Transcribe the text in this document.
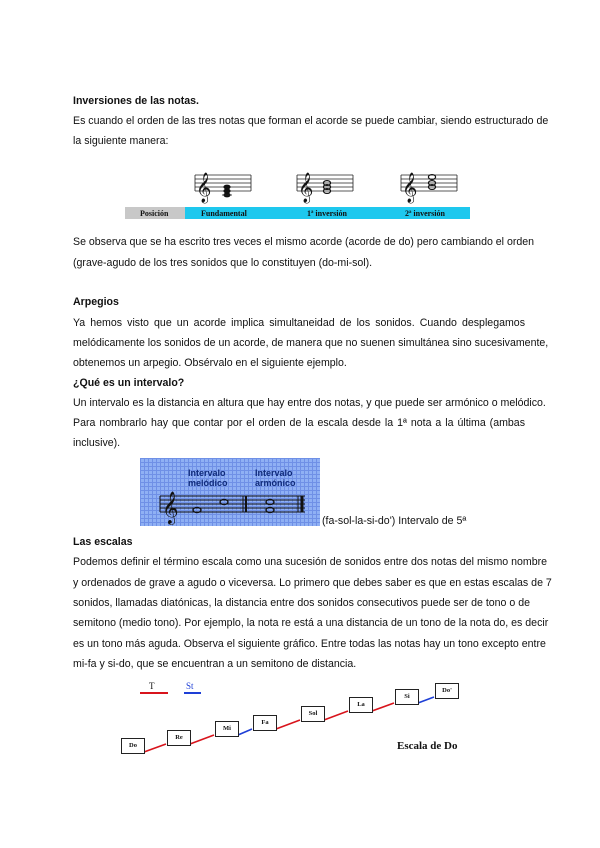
Inversiones de las notas.
Es cuando el orden de las tres notas que forman el acorde se puede cambiar, siendo estructurado de
la siguiente manera:
𝄞	𝄞	𝄞
Posición	Fundamental	1ª inversión	2ª inversión
Se observa que se ha escrito tres veces el mismo acorde (acorde de do) pero cambiando el orden
(grave-agudo de los tres sonidos que lo constituyen (do-mi-sol).
Arpegios
Ya hemos visto que un acorde implica simultaneidad de los sonidos. Cuando desplegamos
melódicamente los sonidos de un acorde, de manera que no suenen simultánea sino sucesivamente,
obtenemos un arpegio. Obsérvalo en el siguiente ejemplo.
¿Qué es un intervalo?
Un intervalo es la distancia en altura que hay entre dos notas, y que puede ser armónico o melódico.
Para nombrarlo hay que contar por el orden de la escala desde la 1ª nota a la última (ambas
inclusive).
Intervalo
melódico
Intervalo
armónico
𝄞	(fa-sol-la-si-do') Intervalo de 5ª
Las escalas
Podemos definir el término escala como una sucesión de sonidos entre dos notas del mismo nombre
y ordenados de grave a agudo o viceversa. Lo primero que debes saber es que en estas escalas de 7
sonidos, llamadas diatónicas, la distancia entre dos sonidos consecutivos puede ser de tono o de
semitono (medio tono). Por ejemplo, la nota re está a una distancia de un tono de la nota do, es decir
es un tono más aguda. Observa el siguiente gráfico. Entre todas las notas hay un tono excepto entre
mi-fa y si-do, que se encuentran a un semitono de distancia.
T	St
Do
Re
Mi
Fa
Sol
La
Si
Do'
Escala de Do
